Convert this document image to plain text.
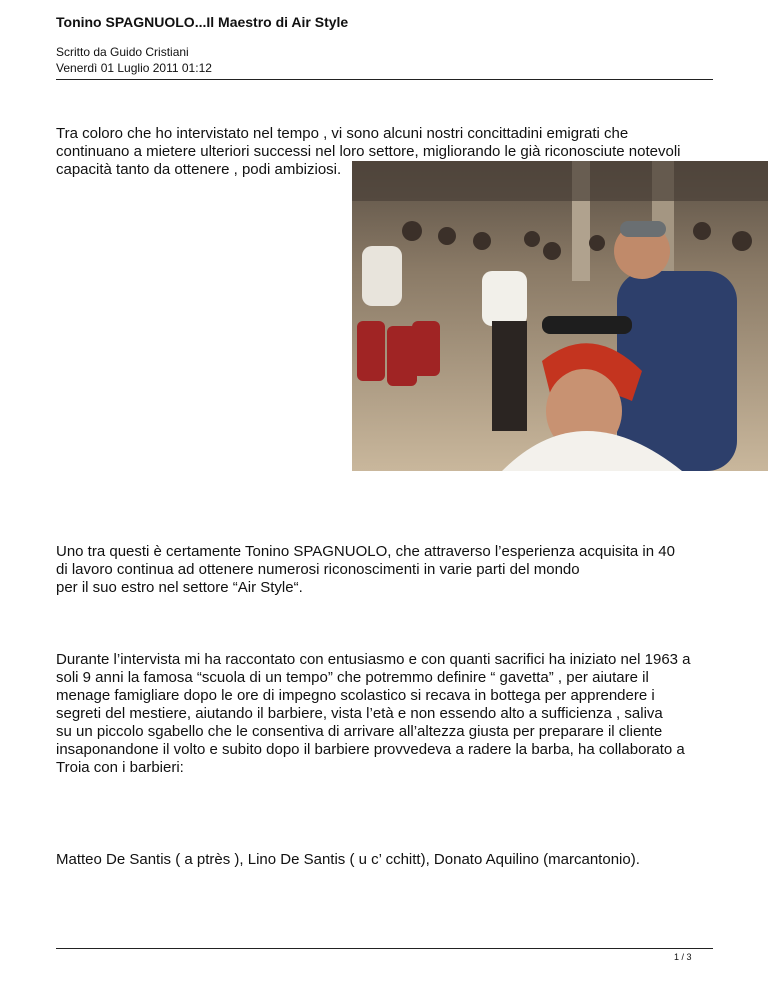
Tonino SPAGNUOLO...Il Maestro di Air Style
Scritto da Guido Cristiani
Venerdì 01 Luglio 2011 01:12
Tra coloro che ho intervistato nel tempo , vi sono alcuni nostri concittadini emigrati che
continuano a mietere ulteriori successi nel loro settore, migliorando le già riconosciute notevoli
capacità tanto da ottenere , podi ambiziosi.
Uno tra questi è certamente Tonino SPAGNUOLO, che attraverso l’esperienza acquisita in 40
di lavoro continua ad ottenere numerosi riconoscimenti in varie parti del mondo
per il suo estro nel settore “Air Style“.
Durante l’intervista mi ha raccontato con entusiasmo e con quanti sacrifici ha iniziato nel 1963 a
soli 9 anni la famosa “scuola di un tempo” che potremmo definire “ gavetta” , per aiutare il
menage famigliare dopo le ore di impegno scolastico si recava in bottega per apprendere i
segreti del mestiere, aiutando il barbiere, vista l’età e non essendo alto a sufficienza , saliva
su un piccolo sgabello che le consentiva di arrivare all’altezza giusta per preparare il cliente
insaponandone il volto e subito dopo il barbiere provvedeva a radere la barba, ha collaborato a
Troia con i barbieri:
Matteo De Santis ( a ptrès ), Lino De Santis ( u c’ cchitt), Donato Aquilino (marcantonio).
1 / 3
